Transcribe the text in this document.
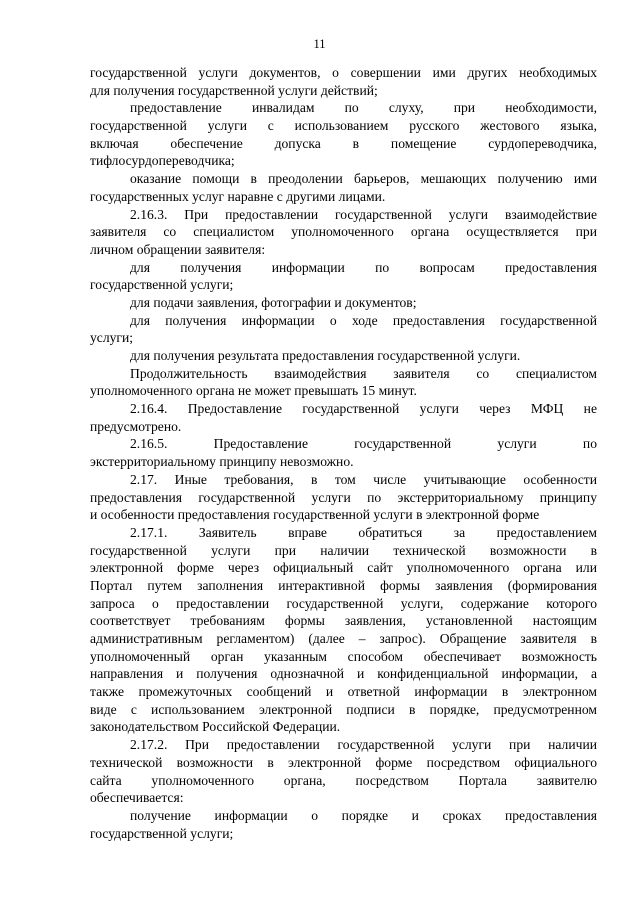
11
государственной услуги документов, о совершении ими других необходимых
для получения государственной услуги действий;
предоставление инвалидам по слуху, при необходимости,
государственной услуги с использованием русского жестового языка,
включая обеспечение допуска в помещение сурдопереводчика,
тифлосурдопереводчика;
оказание помощи в преодолении барьеров, мешающих получению ими
государственных услуг наравне с другими лицами.
2.16.3. При предоставлении государственной услуги взаимодействие
заявителя со специалистом уполномоченного органа осуществляется при
личном обращении заявителя:
для получения информации по вопросам предоставления
государственной услуги;
для подачи заявления, фотографии и документов;
для получения информации о ходе предоставления государственной
услуги;
для получения результата предоставления государственной услуги.
Продолжительность взаимодействия заявителя со специалистом
уполномоченного органа не может превышать 15 минут.
2.16.4. Предоставление государственной услуги через МФЦ не
предусмотрено.
2.16.5. Предоставление государственной услуги по
экстерриториальному принципу невозможно.
2.17. Иные требования, в том числе учитывающие особенности
предоставления государственной услуги по экстерриториальному принципу
и особенности предоставления государственной услуги в электронной форме
2.17.1. Заявитель вправе обратиться за предоставлением
государственной услуги при наличии технической возможности в
электронной форме через официальный сайт уполномоченного органа или
Портал путем заполнения интерактивной формы заявления (формирования
запроса о предоставлении государственной услуги, содержание которого
соответствует требованиям формы заявления, установленной настоящим
административным регламентом) (далее – запрос). Обращение заявителя в
уполномоченный орган указанным способом обеспечивает возможность
направления и получения однозначной и конфиденциальной информации, а
также промежуточных сообщений и ответной информации в электронном
виде с использованием электронной подписи в порядке, предусмотренном
законодательством Российской Федерации.
2.17.2. При предоставлении государственной услуги при наличии
технической возможности в электронной форме посредством официального
сайта уполномоченного органа, посредством Портала заявителю
обеспечивается:
получение информации о порядке и сроках предоставления
государственной услуги;
